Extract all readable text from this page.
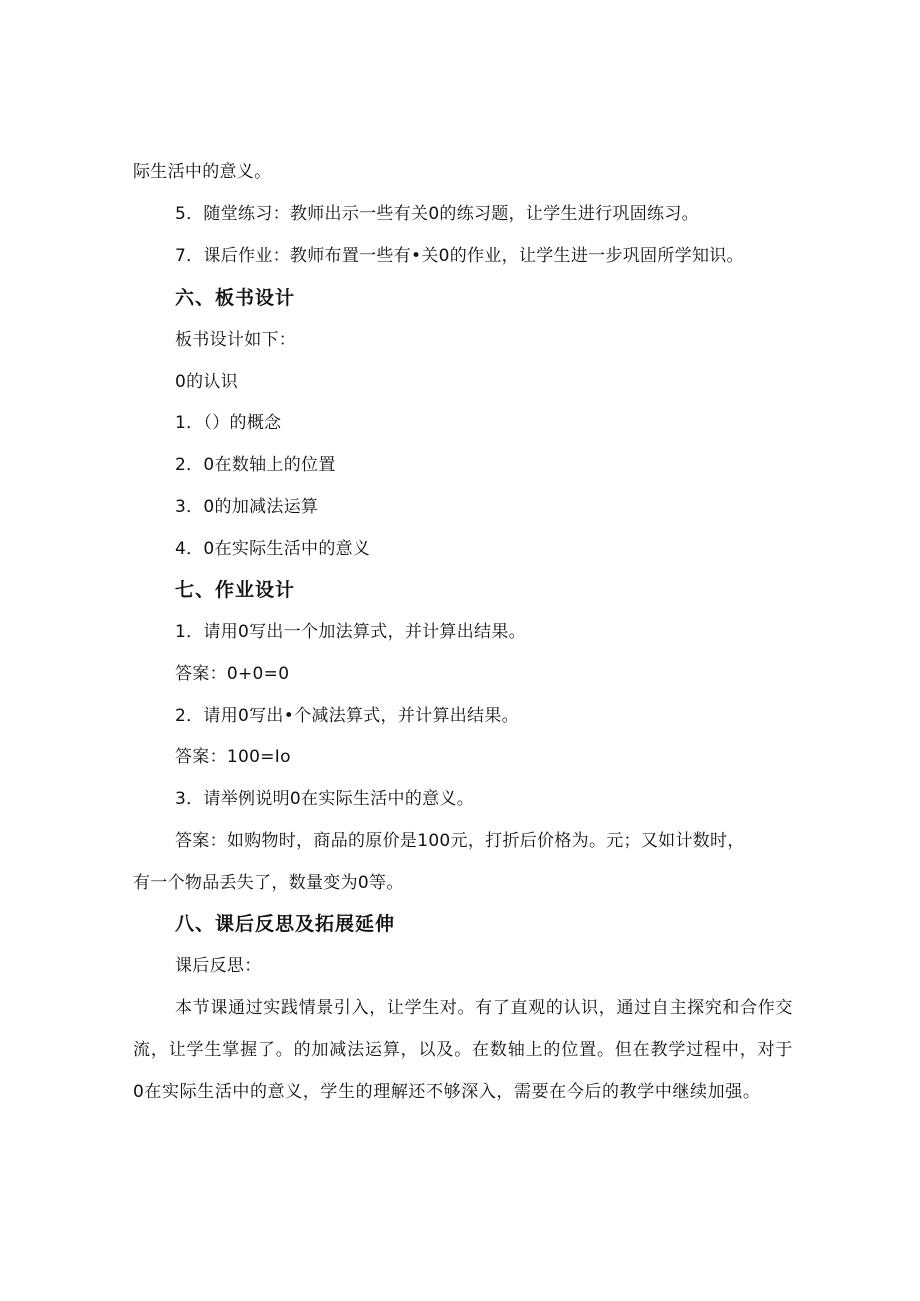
际生活中的意义。
5．随堂练习：教师出示一些有关0的练习题，让学生进行巩固练习。
7．课后作业：教师布置一些有•关0的作业，让学生进一步巩固所学知识。
六、板书设计
板书设计如下：
0的认识
1．（）的概念
2．0在数轴上的位置
3．0的加减法运算
4．0在实际生活中的意义
七、作业设计
1．请用0写出一个加法算式，并计算出结果。
答案：0+0=0
2．请用0写出•个减法算式，并计算出结果。
答案：100=Io
3．请举例说明0在实际生活中的意义。
答案：如购物时，商品的原价是100元，打折后价格为。元；又如计数时，
有一个物品丢失了，数量变为0等。
八、课后反思及拓展延伸
课后反思：
本节课通过实践情景引入，让学生对。有了直观的认识，通过自主探究和合作交流，让学生掌握了。的加减法运算，以及。在数轴上的位置。但在教学过程中，对于0在实际生活中的意义，学生的理解还不够深入，需要在今后的教学中继续加强。
